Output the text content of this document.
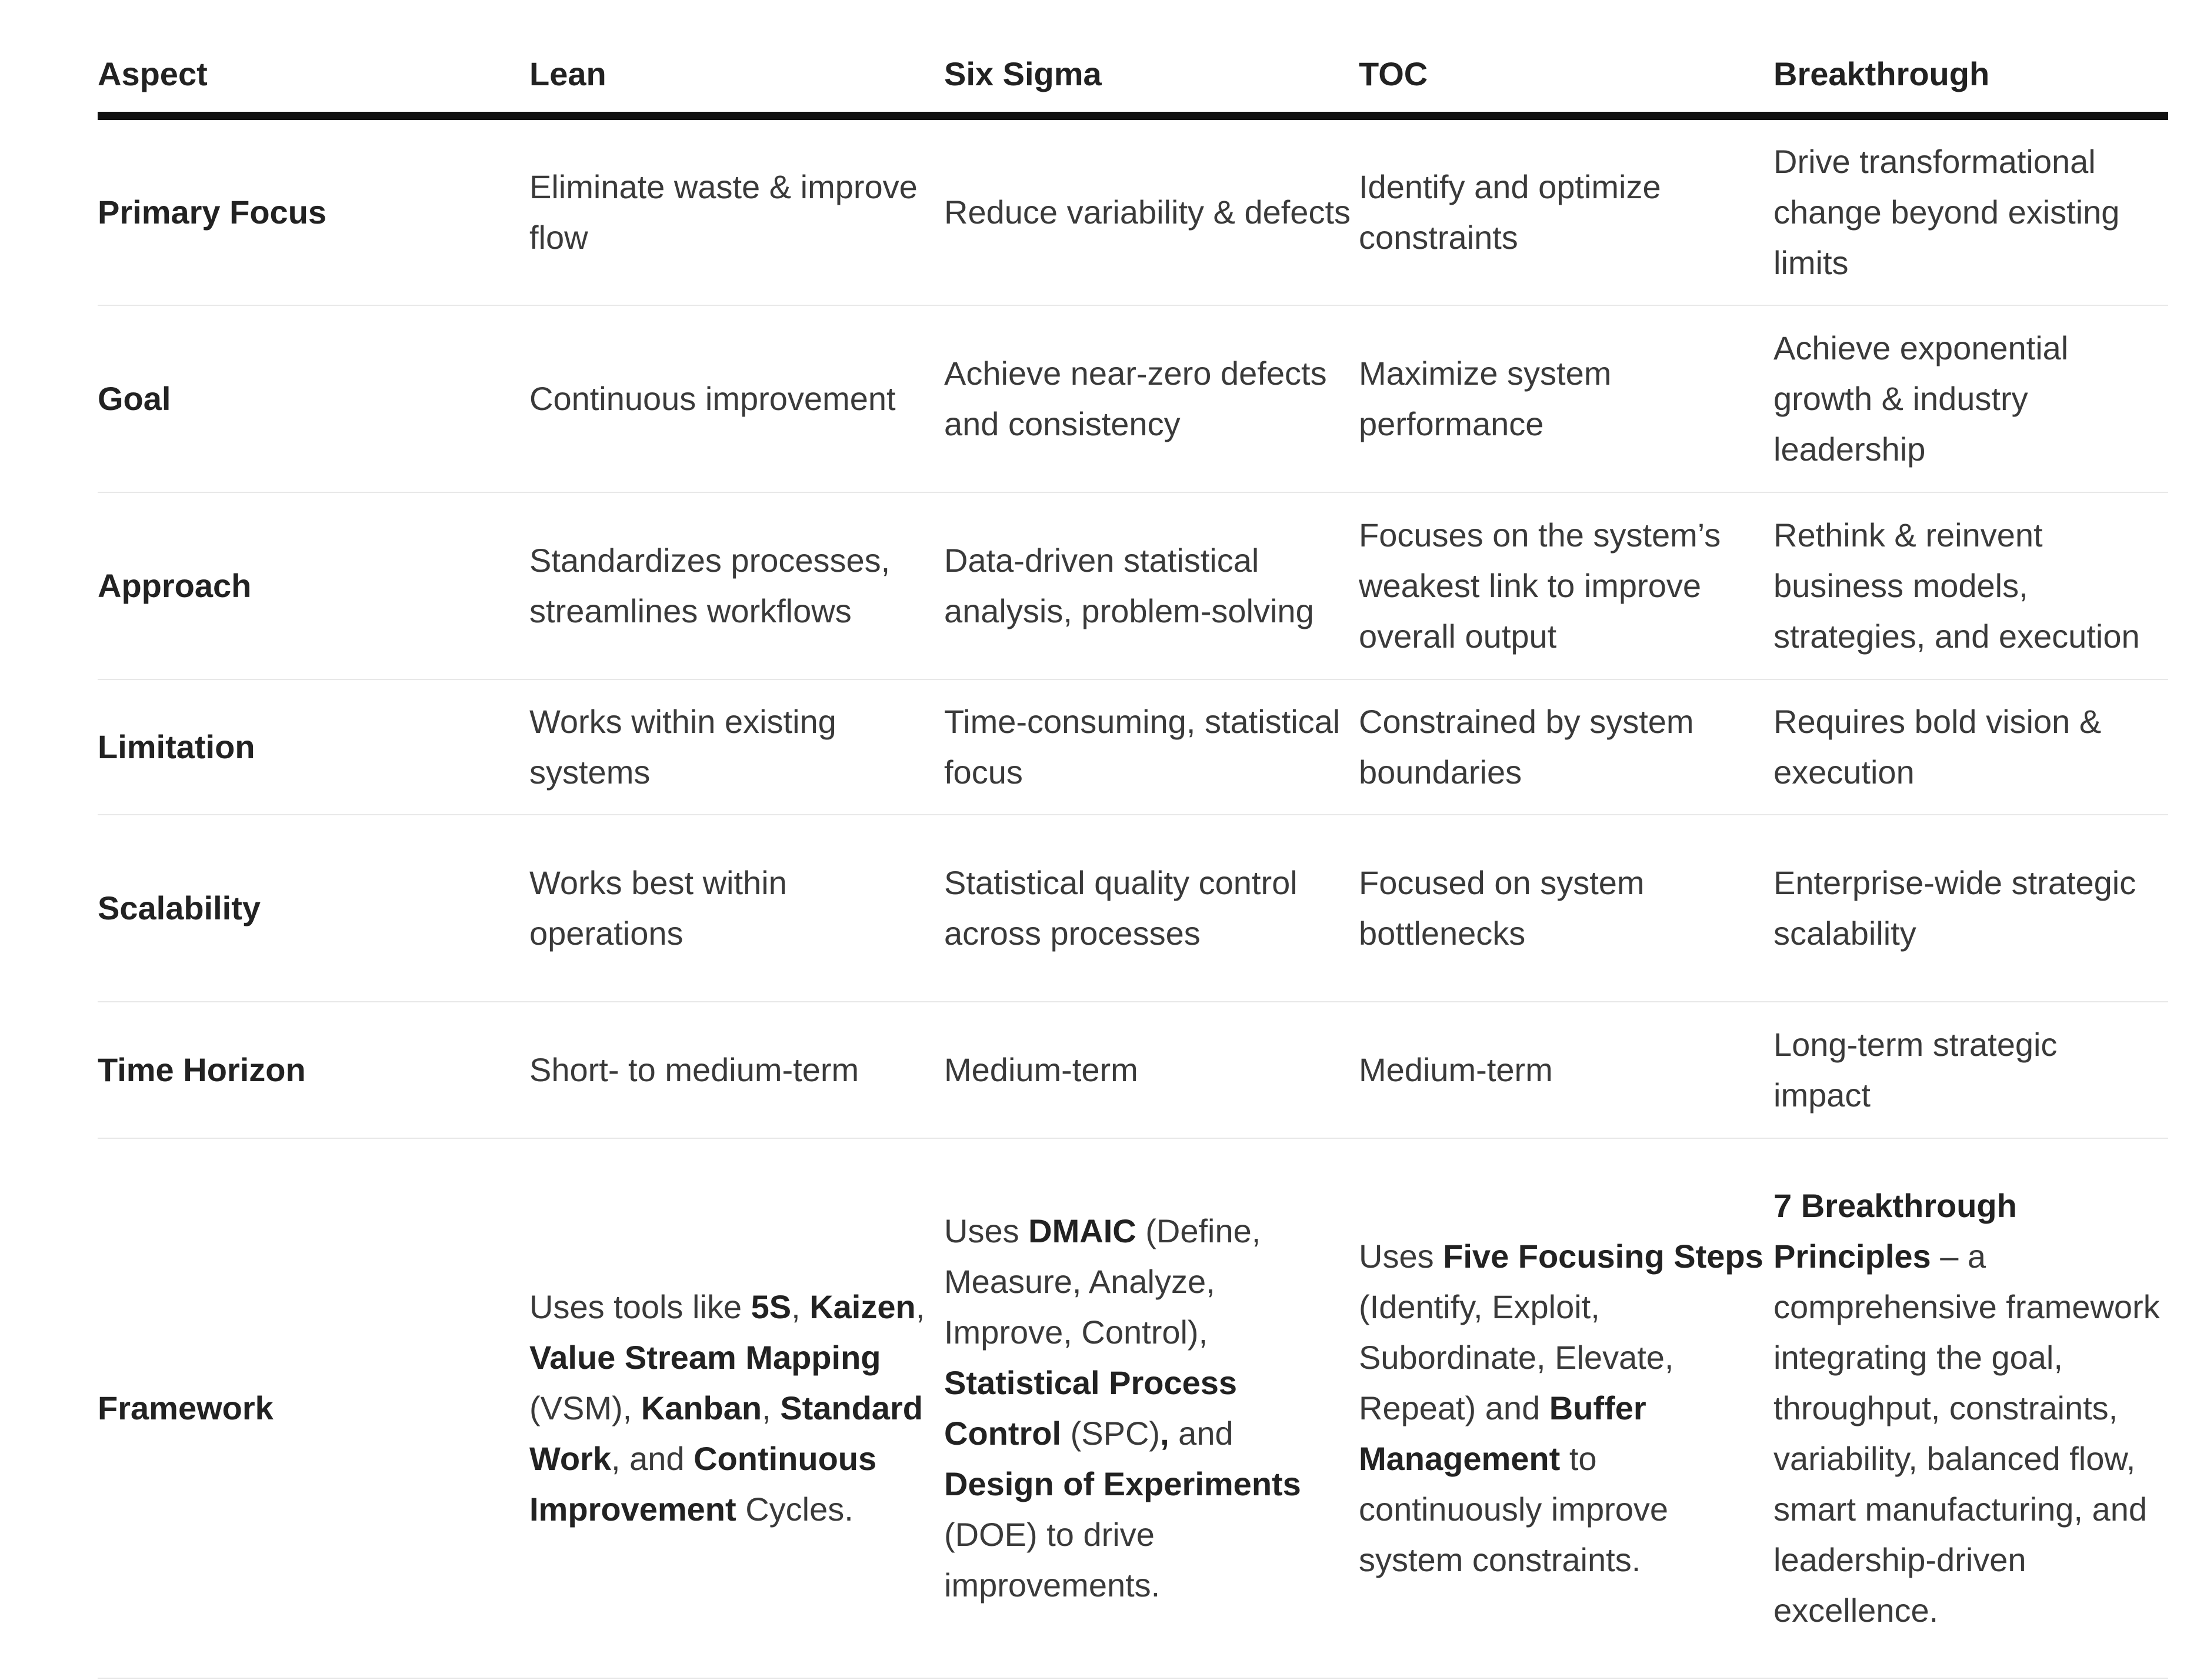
Aspect	Lean	Six Sigma	TOC	Breakthrough
Primary Focus	Eliminate waste & improve flow	Reduce variability & defects	Identify and optimize constraints	Drive transformational change beyond existing limits
Goal	Continuous improvement	Achieve near-zero defects and consistency	Maximize system performance	Achieve exponential growth & industry leadership
Approach	Standardizes processes, streamlines workflows	Data-driven statistical analysis, problem-solving	Focuses on the system’s weakest link to improve overall output	Rethink & reinvent business models, strategies, and execution
Limitation	Works within existing systems	Time-consuming, statistical focus	Constrained by system boundaries	Requires bold vision & execution
Scalability	Works best within operations	Statistical quality control across processes	Focused on system bottlenecks	Enterprise-wide strategic scalability
Time Horizon	Short- to medium-term	Medium-term	Medium-term	Long-term strategic impact
Framework	Uses tools like 5S, Kaizen, Value Stream Mapping (VSM), Kanban, Standard Work, and Continuous Improvement Cycles.	Uses DMAIC (Define, Measure, Analyze, Improve, Control), Statistical Process Control (SPC), and Design of Experiments (DOE) to drive improvements.	Uses Five Focusing Steps (Identify, Exploit, Subordinate, Elevate, Repeat) and Buffer Management to continuously improve system constraints.	7 Breakthrough Principles – a comprehensive framework integrating the goal, throughput, constraints, variability, balanced flow, smart manufacturing, and leadership-driven excellence.
